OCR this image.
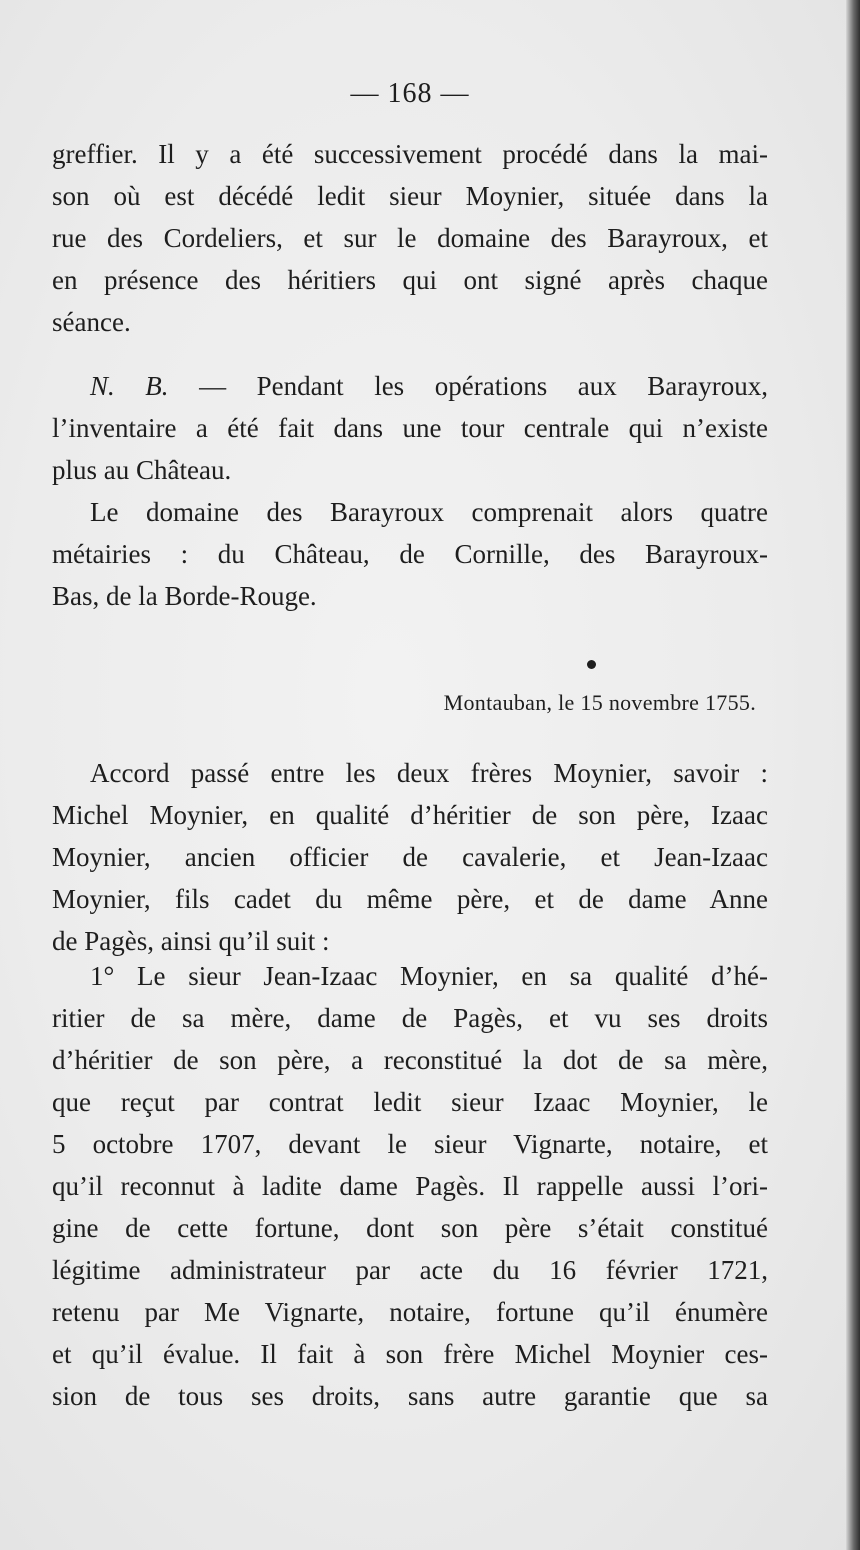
— 168 —
greffier. Il y a été successivement procédé dans la mai-
son où est décédé ledit sieur Moynier, située dans la
rue des Cordeliers, et sur le domaine des Barayroux, et
en présence des héritiers qui ont signé après chaque
séance.
N. B. — Pendant les opérations aux Barayroux,
l’inventaire a été fait dans une tour centrale qui n’existe
plus au Château.
Le domaine des Barayroux comprenait alors quatre
métairies : du Château, de Cornille, des Barayroux-
Bas, de la Borde-Rouge.
Montauban, le 15 novembre 1755.
Accord passé entre les deux frères Moynier, savoir :
Michel Moynier, en qualité d’héritier de son père, Izaac
Moynier, ancien officier de cavalerie, et Jean-Izaac
Moynier, fils cadet du même père, et de dame Anne
de Pagès, ainsi qu’il suit :
1° Le sieur Jean-Izaac Moynier, en sa qualité d’hé-
ritier de sa mère, dame de Pagès, et vu ses droits
d’héritier de son père, a reconstitué la dot de sa mère,
que reçut par contrat ledit sieur Izaac Moynier, le
5 octobre 1707, devant le sieur Vignarte, notaire, et
qu’il reconnut à ladite dame Pagès. Il rappelle aussi l’ori-
gine de cette fortune, dont son père s’était constitué
légitime administrateur par acte du 16 février 1721,
retenu par Me Vignarte, notaire, fortune qu’il énumère
et qu’il évalue. Il fait à son frère Michel Moynier ces-
sion de tous ses droits, sans autre garantie que sa
